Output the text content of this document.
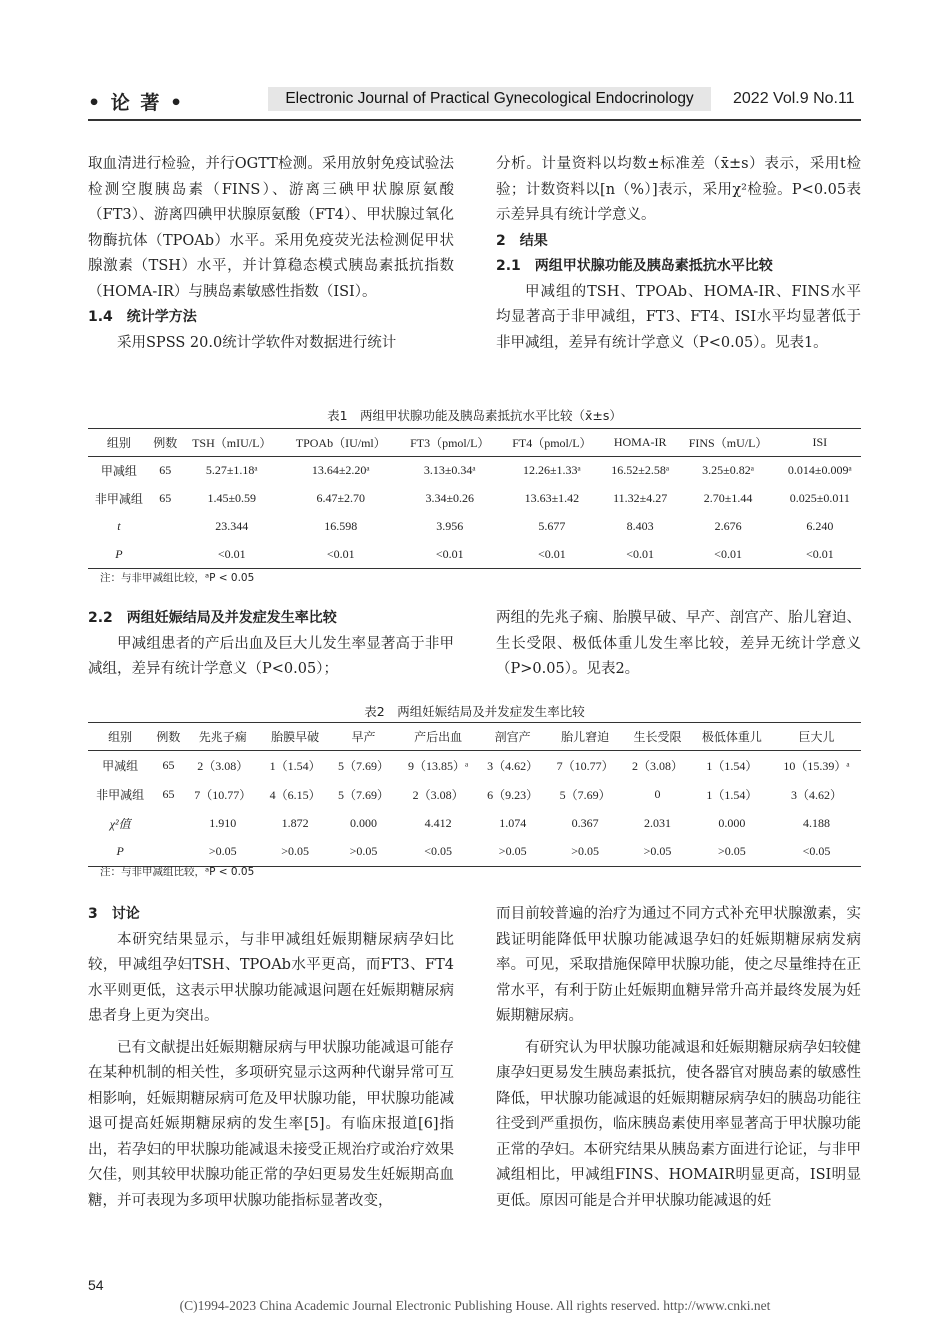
• 论 著 •	Electronic Journal of Practical Gynecological Endocrinology	2022 Vol.9 No.11

取血清进行检验，并行OGTT检测。采用放射免疫试验法检测空腹胰岛素（FINS）、游离三碘甲状腺原氨酸（FT3）、游离四碘甲状腺原氨酸（FT4）、甲状腺过氧化物酶抗体（TPOAb）水平。采用免疫荧光法检测促甲状腺激素（TSH）水平，并计算稳态模式胰岛素抵抗指数（HOMA-IR）与胰岛素敏感性指数（ISI）。

1.4　统计学方法

采用SPSS 20.0统计学软件对数据进行统计

分析。计量资料以均数±标准差（x̄±s）表示，采用t检验；计数资料以[n（%）]表示，采用χ²检验。P<0.05表示差异具有统计学意义。

2　结果

2.1　两组甲状腺功能及胰岛素抵抗水平比较

甲减组的TSH、TPOAb、HOMA-IR、FINS水平均显著高于非甲减组，FT3、FT4、ISI水平均显著低于非甲减组，差异有统计学意义（P<0.05）。见表1。

表1　两组甲状腺功能及胰岛素抵抗水平比较（x̄±s）
组别	例数	TSH（mIU/L）	TPOAb（IU/ml）	FT3（pmol/L）	FT4（pmol/L）	HOMA-IR	FINS（mU/L）	ISI
甲减组	65	5.27±1.18ᵃ	13.64±2.20ᵃ	3.13±0.34ᵃ	12.26±1.33ᵃ	16.52±2.58ᵃ	3.25±0.82ᵃ	0.014±0.009ᵃ
非甲减组	65	1.45±0.59	6.47±2.70	3.34±0.26	13.63±1.42	11.32±4.27	2.70±1.44	0.025±0.011
t		23.344	16.598	3.956	5.677	8.403	2.676	6.240
P		<0.01	<0.01	<0.01	<0.01	<0.01	<0.01	<0.01
注：与非甲减组比较，ᵃP < 0.05

2.2　两组妊娠结局及并发症发生率比较

甲减组患者的产后出血及巨大儿发生率显著高于非甲减组，差异有统计学意义（P<0.05）；

两组的先兆子痫、胎膜早破、早产、剖宫产、胎儿窘迫、生长受限、极低体重儿发生率比较，差异无统计学意义（P>0.05）。见表2。

表2　两组妊娠结局及并发症发生率比较
组别	例数	先兆子痫	胎膜早破	早产	产后出血	剖宫产	胎儿窘迫	生长受限	极低体重儿	巨大儿
甲减组	65	2（3.08）	1（1.54）	5（7.69）	9（13.85）ᵃ	3（4.62）	7（10.77）	2（3.08）	1（1.54）	10（15.39）ᵃ
非甲减组	65	7（10.77）	4（6.15）	5（7.69）	2（3.08）	6（9.23）	5（7.69）	0	1（1.54）	3（4.62）
χ²值		1.910	1.872	0.000	4.412	1.074	0.367	2.031	0.000	4.188
P		>0.05	>0.05	>0.05	<0.05	>0.05	>0.05	>0.05	>0.05	<0.05
注：与非甲减组比较，ᵃP < 0.05

3　讨论

本研究结果显示，与非甲减组妊娠期糖尿病孕妇比较，甲减组孕妇TSH、TPOAb水平更高，而FT3、FT4水平则更低，这表示甲状腺功能减退问题在妊娠期糖尿病患者身上更为突出。

已有文献提出妊娠期糖尿病与甲状腺功能减退可能存在某种机制的相关性，多项研究显示这两种代谢异常可互相影响，妊娠期糖尿病可危及甲状腺功能，甲状腺功能减退可提高妊娠期糖尿病的发生率[5]。有临床报道[6]指出，若孕妇的甲状腺功能减退未接受正规治疗或治疗效果欠佳，则其较甲状腺功能正常的孕妇更易发生妊娠期高血糖，并可表现为多项甲状腺功能指标显著改变，

而目前较普遍的治疗为通过不同方式补充甲状腺激素，实践证明能降低甲状腺功能减退孕妇的妊娠期糖尿病发病率。可见，采取措施保障甲状腺功能，使之尽量维持在正常水平，有利于防止妊娠期血糖异常升高并最终发展为妊娠期糖尿病。

有研究认为甲状腺功能减退和妊娠期糖尿病孕妇较健康孕妇更易发生胰岛素抵抗，使各器官对胰岛素的敏感性降低，甲状腺功能减退的妊娠期糖尿病孕妇的胰岛功能往往受到严重损伤，临床胰岛素使用率显著高于甲状腺功能正常的孕妇。本研究结果从胰岛素方面进行论证，与非甲减组相比，甲减组FINS、HOMAIR明显更高，ISI明显更低。原因可能是合并甲状腺功能减退的妊

54
(C)1994-2023 China Academic Journal Electronic Publishing House. All rights reserved. http://www.cnki.net
